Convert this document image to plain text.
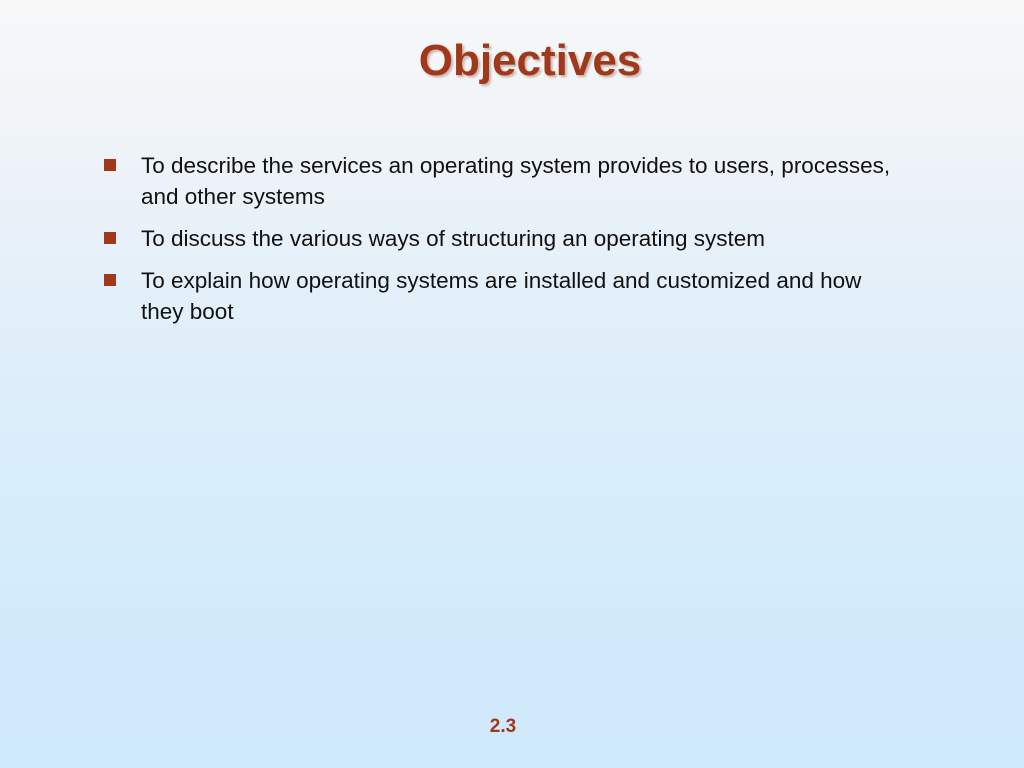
Objectives
To describe the services an operating system provides to users, processes, and other systems
To discuss the various ways of structuring an operating system
To explain how operating systems are installed and customized and how they boot
2.3
